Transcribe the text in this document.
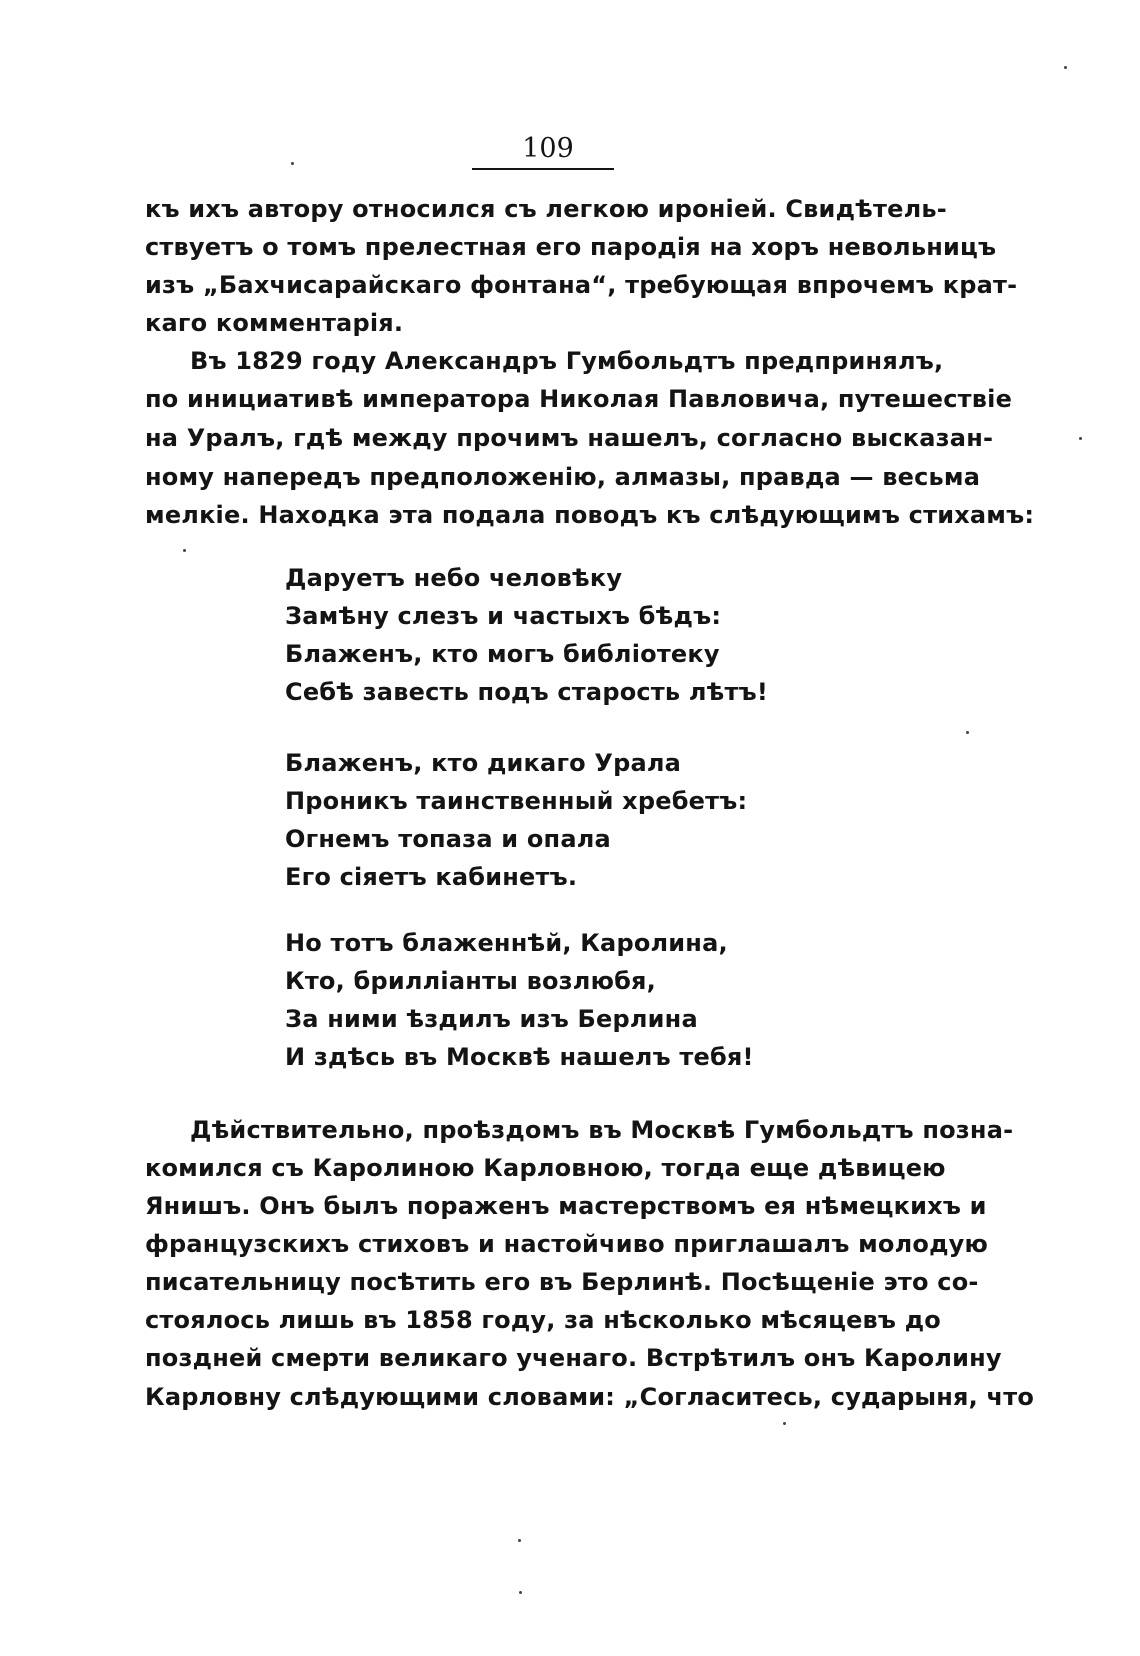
109
къ ихъ автору относился съ легкою ироніей. Свидѣтель-
ствуетъ о томъ прелестная его пародія на хоръ невольницъ
изъ „Бахчисарайскаго фонтана“, требующая впрочемъ крат-
каго комментарія.
Въ 1829 году Александръ Гумбольдтъ предпринялъ,
по инициативѣ императора Николая Павловича, путешествіе
на Уралъ, гдѣ между прочимъ нашелъ, согласно высказан-
ному напередъ предположенію, алмазы, правда — весьма
мелкіе. Находка эта подала поводъ къ слѣдующимъ стихамъ:
Даруетъ небо человѣку
Замѣну слезъ и частыхъ бѣдъ:
Блаженъ, кто могъ библіотеку
Себѣ завесть подъ старость лѣтъ!
Блаженъ, кто дикаго Урала
Проникъ таинственный хребетъ:
Огнемъ топаза и опала
Его сіяетъ кабинетъ.
Но тотъ блаженнѣй, Каролина,
Кто, брилліанты возлюбя,
За ними ѣздилъ изъ Берлина
И здѣсь въ Москвѣ нашелъ тебя!
Дѣйствительно, проѣздомъ въ Москвѣ Гумбольдтъ позна-
комился съ Каролиною Карловною, тогда еще дѣвицею
Янишъ. Онъ былъ пораженъ мастерствомъ ея нѣмецкихъ и
французскихъ стиховъ и настойчиво приглашалъ молодую
писательницу посѣтить его въ Берлинѣ. Посѣщеніе это со-
стоялось лишь въ 1858 году, за нѣсколько мѣсяцевъ до
поздней смерти великаго ученаго. Встрѣтилъ онъ Каролину
Карловну слѣдующими словами: „Согласитесь, сударыня, что
